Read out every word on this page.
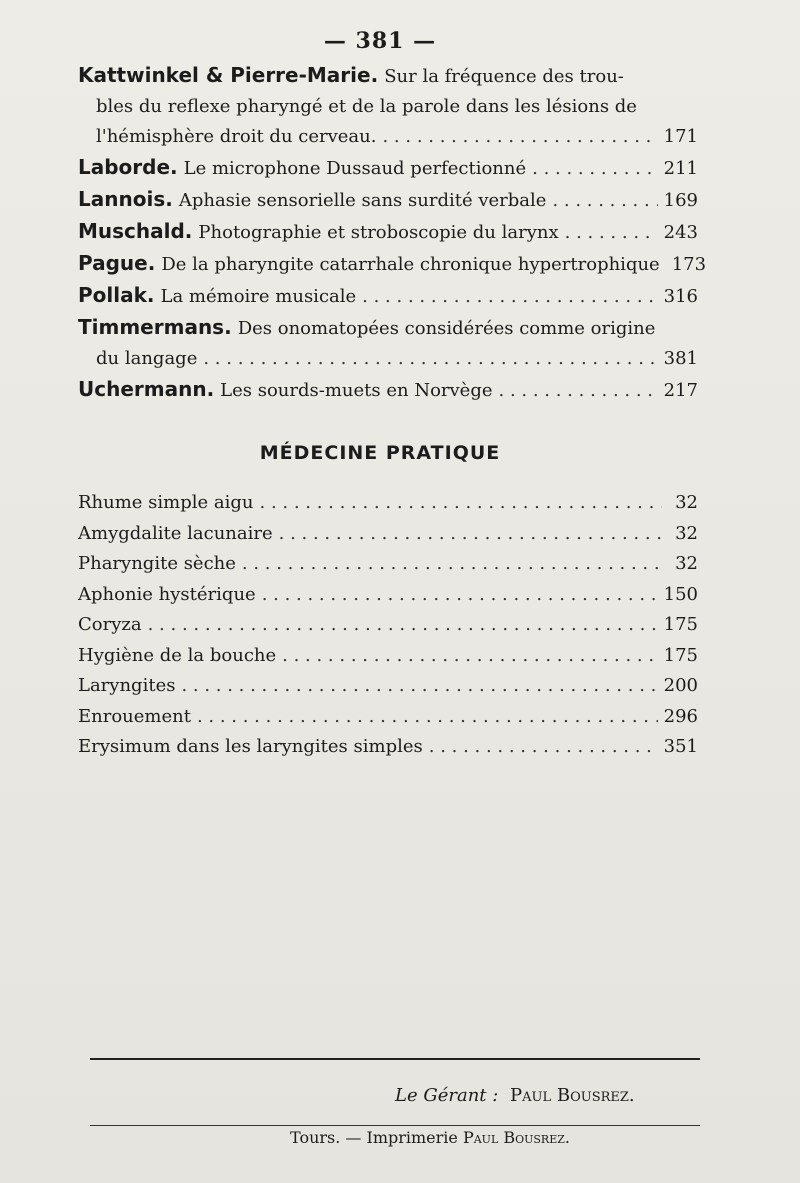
— 381 —
Kattwinkel & Pierre-Marie. Sur la fréquence des trou-
bles du reflexe pharyngé et de la parole dans les lésions de
l'hémisphère droit du cerveau. . . .	171
Laborde. Le microphone Dussaud perfectionné . . .	211
Lannois. Aphasie sensorielle sans surdité verbale . . .	169
Muschald. Photographie et stroboscopie du larynx . . .	243
Pague. De la pharyngite catarrhale chronique hypertrophique 173
Pollak. La mémoire musicale . . .	316
Timmermans. Des onomatopées considérées comme origine
du langage . . .	381
Uchermann. Les sourds-muets en Norvège . . .	217
MÉDECINE PRATIQUE
Rhume simple aigu . . .	32
Amygdalite lacunaire . . .	32
Pharyngite sèche . . .	32
Aphonie hystérique . . .	150
Coryza . . .	175
Hygiène de la bouche . . .	175
Laryngites . . .	200
Enrouement . . .	296
Erysimum dans les laryngites simples . . .	351
Le Gérant : Paul Bousrez.
Tours. — Imprimerie Paul Bousrez.
